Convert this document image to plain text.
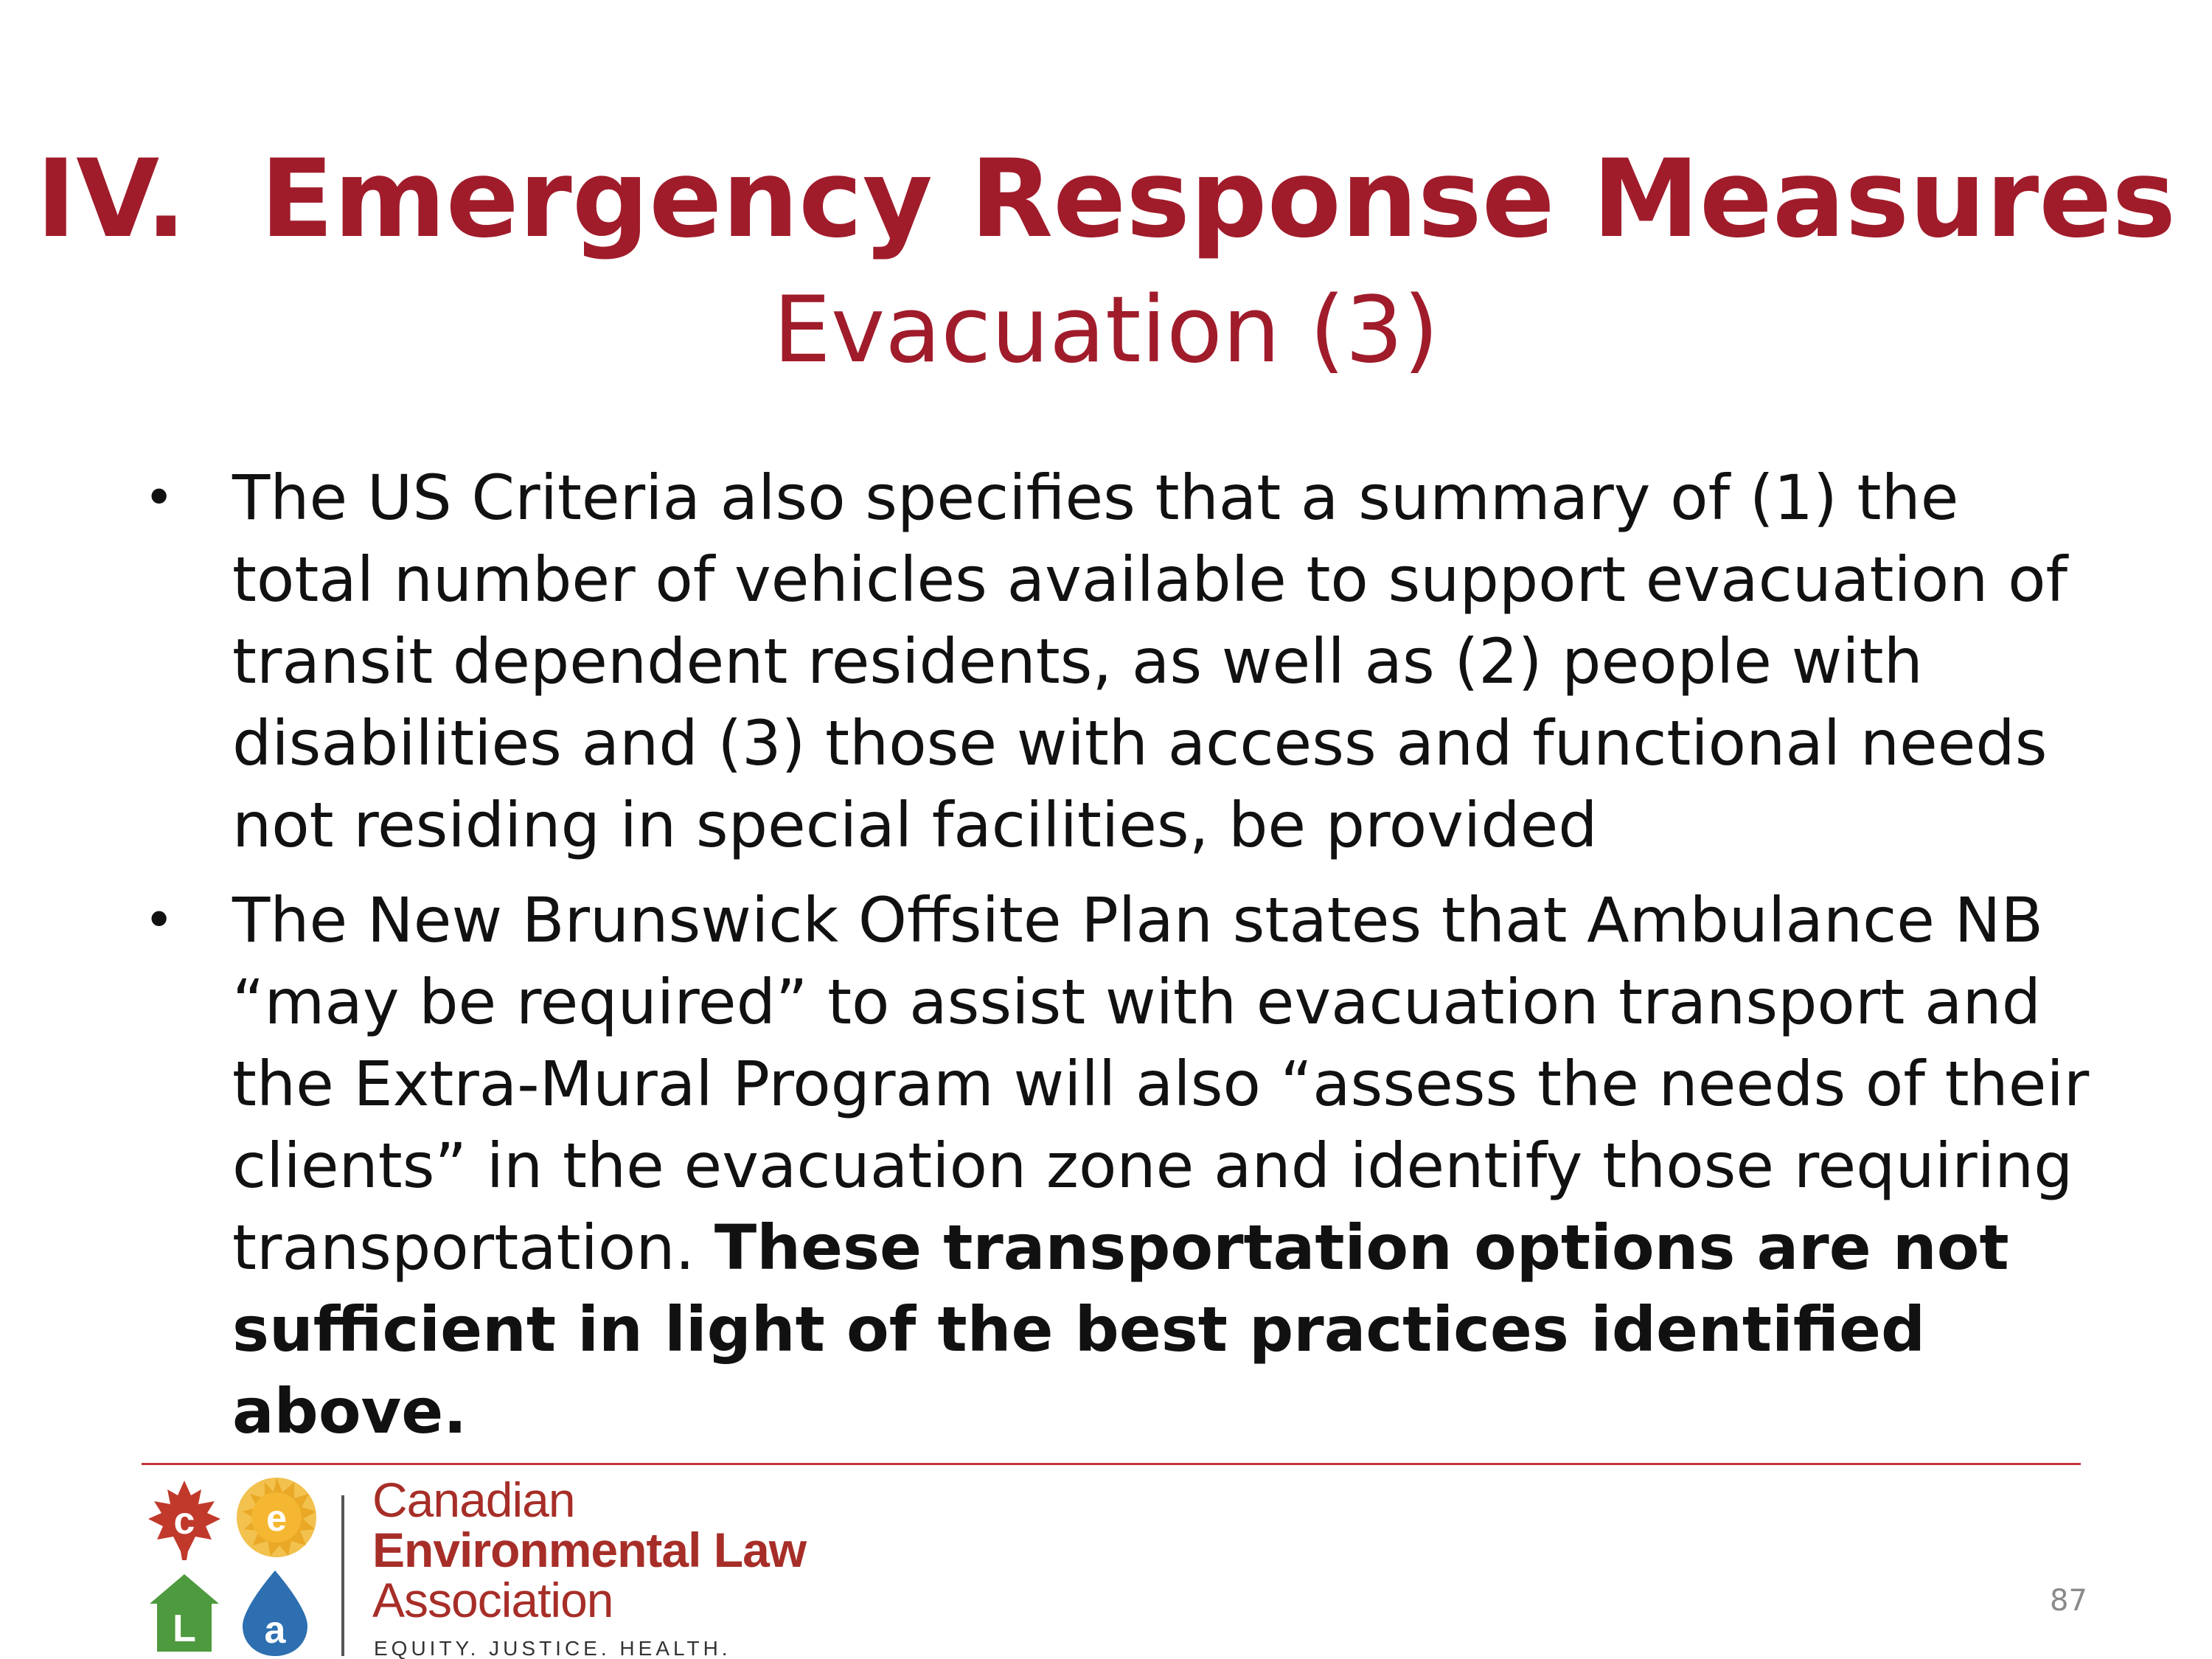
IV. Emergency Response Measures
Evacuation (3)
• The US Criteria also specifies that a summary of (1) the total number of vehicles available to support evacuation of transit dependent residents, as well as (2) people with disabilities and (3) those with access and functional needs not residing in special facilities, be provided
• The New Brunswick Offsite Plan states that Ambulance NB “may be required” to assist with evacuation transport and the Extra-Mural Program will also “assess the needs of their clients” in the evacuation zone and identify those requiring transportation. These transportation options are not sufficient in light of the best practices identified above.
c e
L a
Canadian
Environmental Law
Association
EQUITY. JUSTICE. HEALTH.
87
